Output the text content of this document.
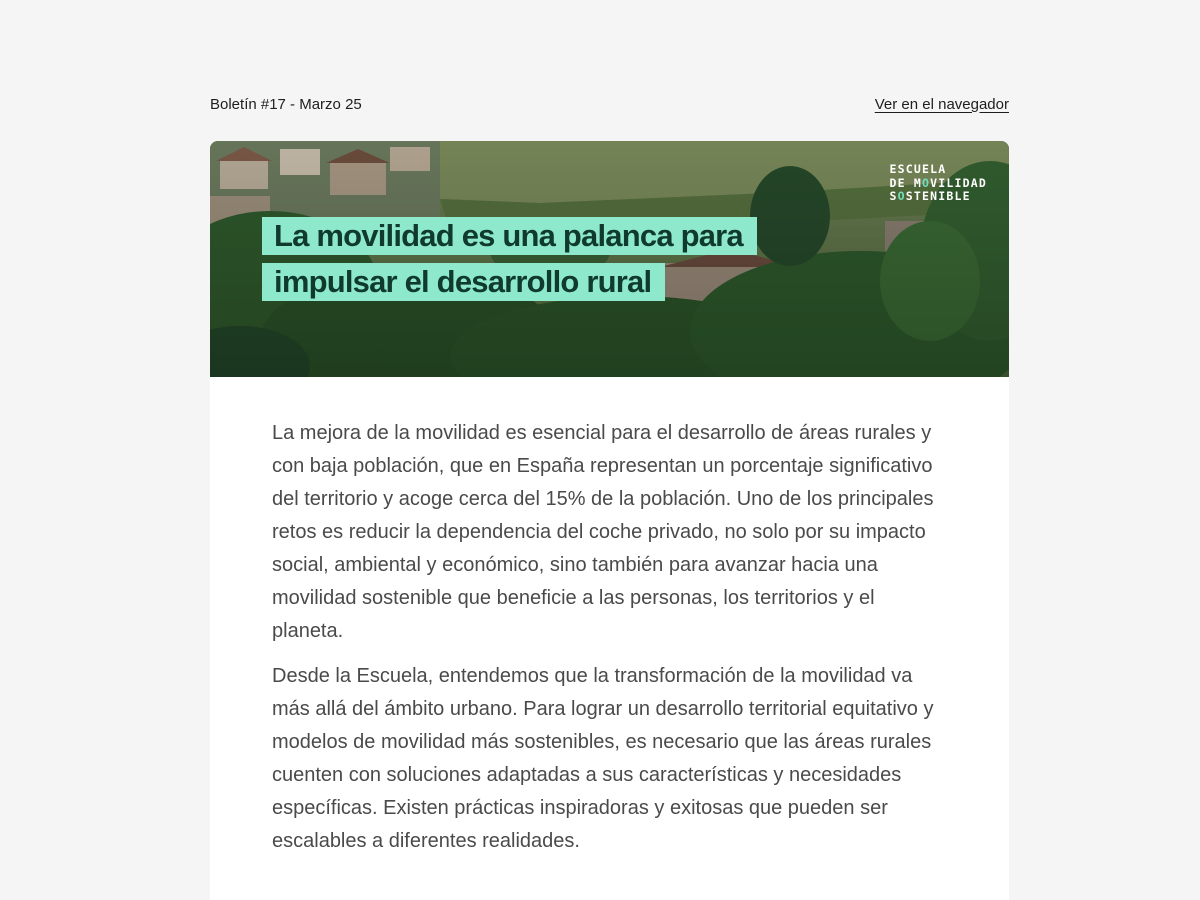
Boletín #17 - Marzo 25	Ver en el navegador
La movilidad es una palanca para
impulsar el desarrollo rural
ESCUELA
DE MOVILIDAD
SOSTENIBLE

La mejora de la movilidad es esencial para el desarrollo de áreas rurales y con baja población, que en España representan un porcentaje significativo del territorio y acoge cerca del 15% de la población. Uno de los principales retos es reducir la dependencia del coche privado, no solo por su impacto social, ambiental y económico, sino también para avanzar hacia una movilidad sostenible que beneficie a las personas, los territorios y el planeta.

Desde la Escuela, entendemos que la transformación de la movilidad va más allá del ámbito urbano. Para lograr un desarrollo territorial equitativo y modelos de movilidad más sostenibles, es necesario que las áreas rurales cuenten con soluciones adaptadas a sus características y necesidades específicas. Existen prácticas inspiradoras y exitosas que pueden ser escalables a diferentes realidades.
